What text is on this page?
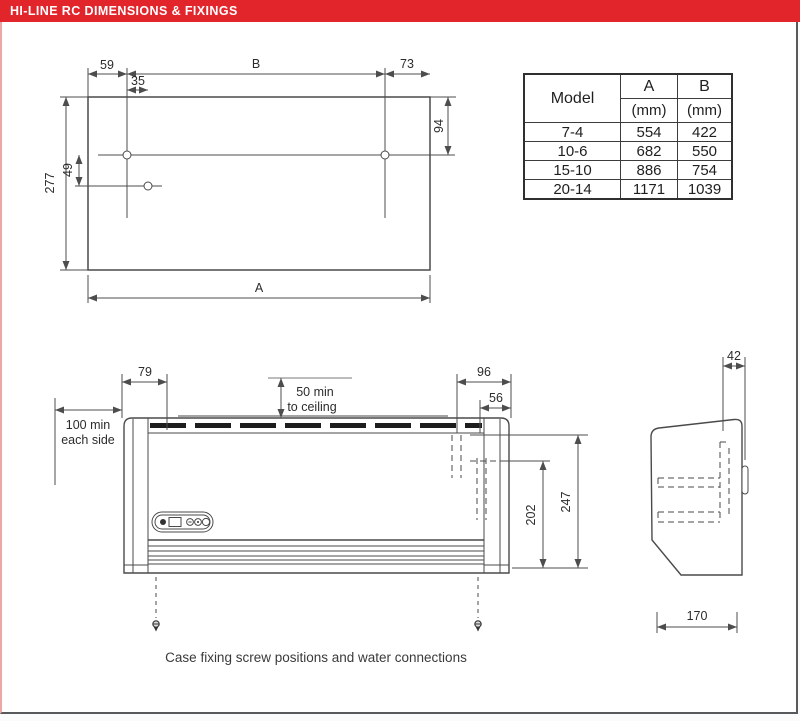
HI-LINE RC DIMENSIONS & FIXINGS
Model	A	B
	(mm)	(mm)
7-4	554	422
10-6	682	550
15-10	886	754
20-14	1171	1039
59
35
B	73
94
49
277
A
79
100 min
each side
50 min
to ceiling
96
56
202
247
42
170
Case fixing screw positions and water connections
